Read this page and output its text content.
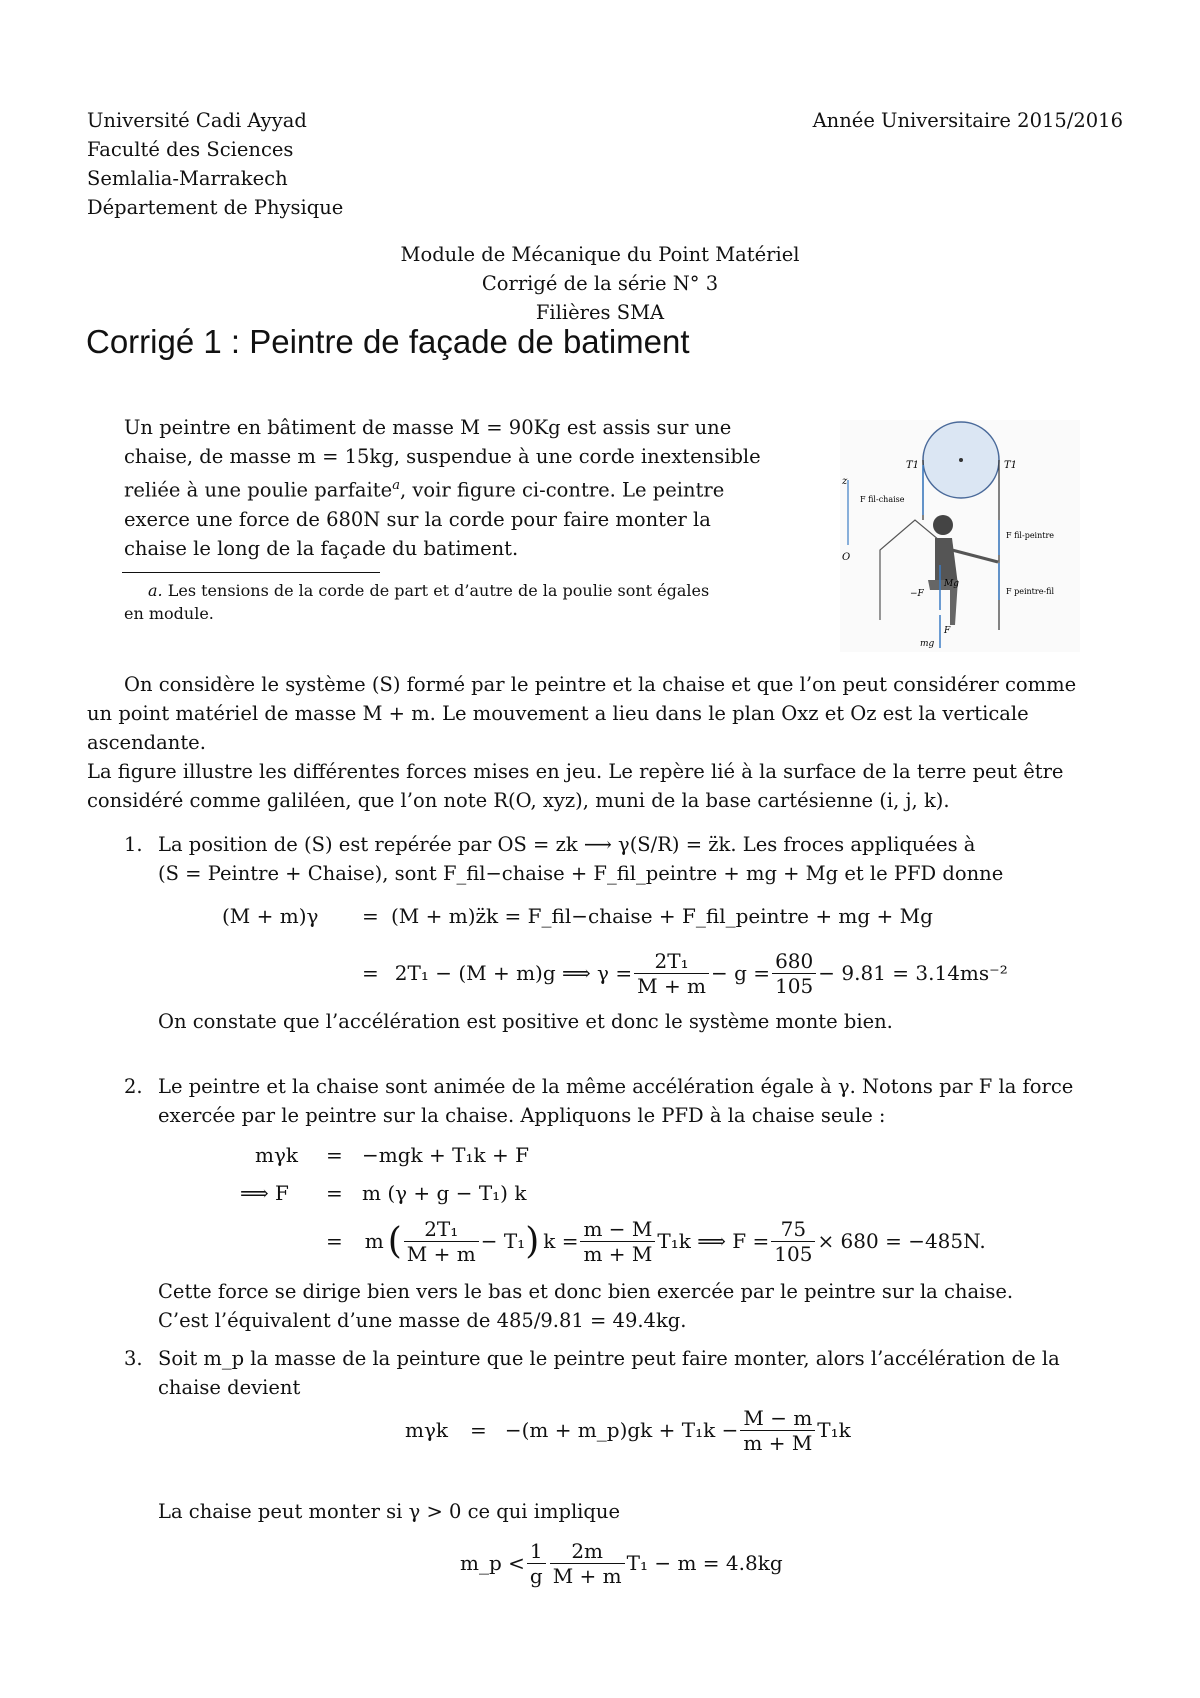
Université Cadi Ayyad
Faculté des Sciences
Semlalia-Marrakech
Département de Physique
Année Universitaire 2015/2016
Module de Mécanique du Point Matériel
Corrigé de la série N° 3
Filières SMA
Corrigé 1 : Peintre de façade de batiment
Un peintre en bâtiment de masse M = 90Kg est assis sur une
chaise, de masse m = 15kg, suspendue à une corde inextensible
reliée à une poulie parfaite$^a$, voir figure ci-contre. Le peintre
exerce une force de 680N sur la corde pour faire monter la
chaise le long de la façade du batiment.
a. Les tensions de la corde de part et d’autre de la poulie sont égales
en module.
z
O
T1	T1
F fil-chaise
F fil-peintre
F peintre-fil
−F
Mg
F
mg
On considère le système (S) formé par le peintre et la chaise et que l’on peut considérer comme
un point matériel de masse M + m. Le mouvement a lieu dans le plan Oxz et Oz est la verticale
ascendante.
La figure illustre les différentes forces mises en jeu. Le repère lié à la surface de la terre peut être
considéré comme galiléen, que l’on note R(O, xyz), muni de la base cartésienne (i, j, k).
1. La position de (S) est repérée par OS = zk ⟶ γ(S/R) = z̈k. Les froces appliquées à
(S = Peintre + Chaise), sont F_fil−chaise + F_fil_peintre + mg + Mg et le PFD donne
(M + m)γ = (M + m)z̈k = F_fil−chaise + F_fil_peintre + mg + Mg
= 2T₁ − (M + m)g ⟹ $\gamma = \frac{\text{2T₁}}{M + m} - g = \frac{680}{105} - 9.81 = 3.14ms^{-2}$
On constate que l’accélération est positive et donc le système monte bien.
2. Le peintre et la chaise sont animée de la même accélération égale à γ. Notons par F la force
exercée par le peintre sur la chaise. Appliquons le PFD à la chaise seule :
mγk = −mgk + T₁k + F
⟹ F = m (γ + g − T₁) k
= m ( $\frac{\text{2T₁}}{M + m} - T_1$ ) $k = \frac{m - M}{m + M} T_1k$ ⟹ $F = \frac{75}{105} \times 680 = -485N$.
Cette force se dirige bien vers le bas et donc bien exercée par le peintre sur la chaise.
C’est l’équivalent d’une masse de 485/9.81 = 49.4kg.
3. Soit m_p la masse de la peinture que le peintre peut faire monter, alors l’accélération de la
chaise devient
mγk = −(m + m_p)gk + $T_1k - \frac{M - m}{m + M} T_1k$
La chaise peut monter si γ > 0 ce qui implique
m_p < $\frac{1}{g} \frac{2m}{M + m} T_1 - m = 4.8kg$
